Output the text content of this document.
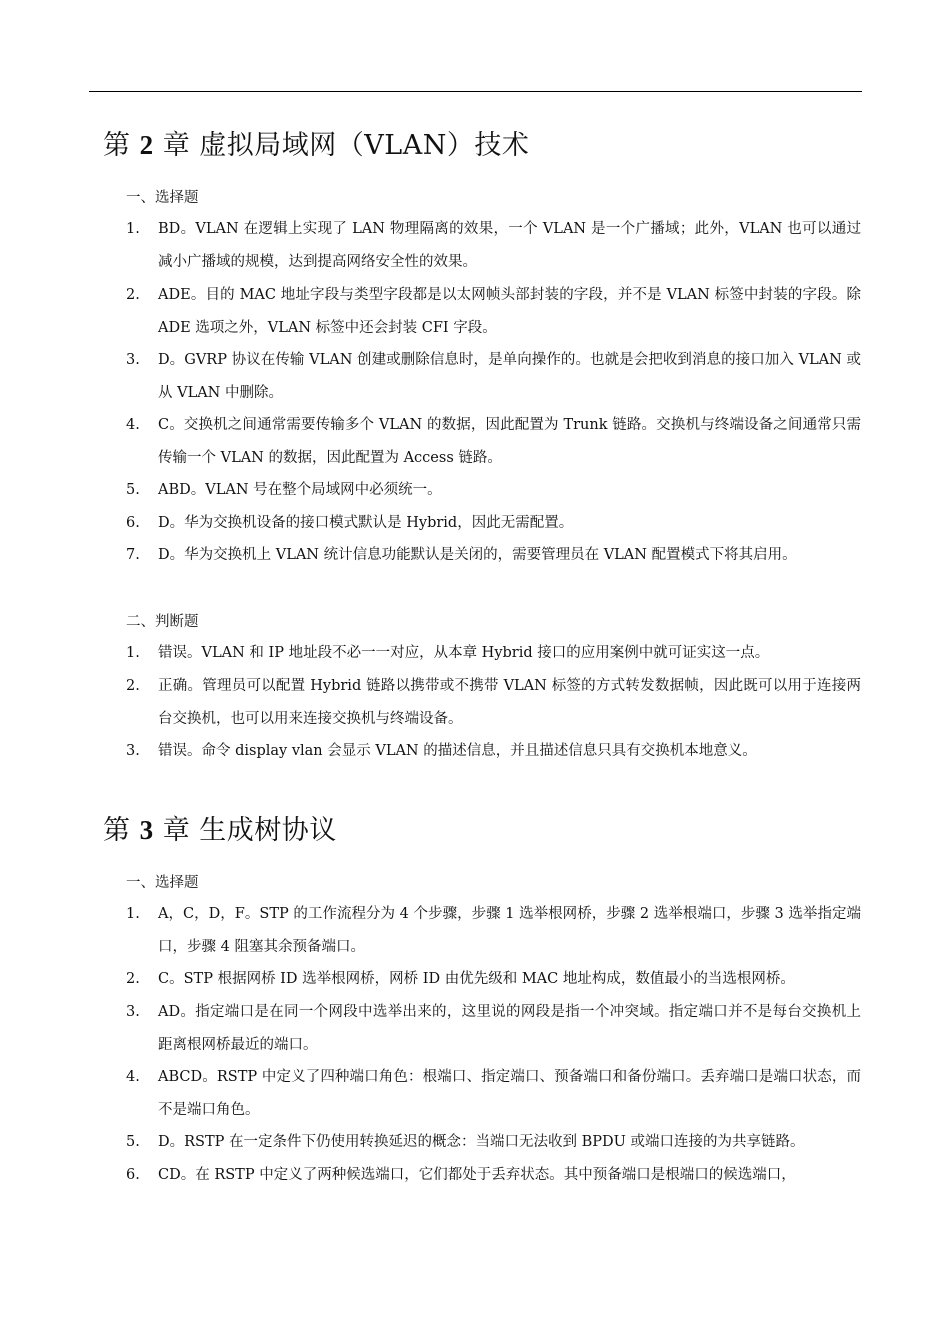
第 2 章 虚拟局域网（VLAN）技术
一、选择题
1. BD。VLAN 在逻辑上实现了 LAN 物理隔离的效果，一个 VLAN 是一个广播域；此外，VLAN 也可以通过减小广播域的规模，达到提高网络安全性的效果。
2. ADE。目的 MAC 地址字段与类型字段都是以太网帧头部封装的字段，并不是 VLAN 标签中封装的字段。除 ADE 选项之外，VLAN 标签中还会封装 CFI 字段。
3. D。GVRP 协议在传输 VLAN 创建或删除信息时，是单向操作的。也就是会把收到消息的接口加入 VLAN 或从 VLAN 中删除。
4. C。交换机之间通常需要传输多个 VLAN 的数据，因此配置为 Trunk 链路。交换机与终端设备之间通常只需传输一个 VLAN 的数据，因此配置为 Access 链路。
5. ABD。VLAN 号在整个局域网中必须统一。
6. D。华为交换机设备的接口模式默认是 Hybrid，因此无需配置。
7. D。华为交换机上 VLAN 统计信息功能默认是关闭的，需要管理员在 VLAN 配置模式下将其启用。
二、判断题
1. 错误。VLAN 和 IP 地址段不必一一对应，从本章 Hybrid 接口的应用案例中就可证实这一点。
2. 正确。管理员可以配置 Hybrid 链路以携带或不携带 VLAN 标签的方式转发数据帧，因此既可以用于连接两台交换机，也可以用来连接交换机与终端设备。
3. 错误。命令 display vlan 会显示 VLAN 的描述信息，并且描述信息只具有交换机本地意义。
第 3 章 生成树协议
一、选择题
1. A，C，D，F。STP 的工作流程分为 4 个步骤，步骤 1 选举根网桥，步骤 2 选举根端口，步骤 3 选举指定端口，步骤 4 阻塞其余预备端口。
2. C。STP 根据网桥 ID 选举根网桥，网桥 ID 由优先级和 MAC 地址构成，数值最小的当选根网桥。
3. AD。指定端口是在同一个网段中选举出来的，这里说的网段是指一个冲突域。指定端口并不是每台交换机上距离根网桥最近的端口。
4. ABCD。RSTP 中定义了四种端口角色：根端口、指定端口、预备端口和备份端口。丢弃端口是端口状态，而不是端口角色。
5. D。RSTP 在一定条件下仍使用转换延迟的概念：当端口无法收到 BPDU 或端口连接的为共享链路。
6. CD。在 RSTP 中定义了两种候选端口，它们都处于丢弃状态。其中预备端口是根端口的候选端口，
